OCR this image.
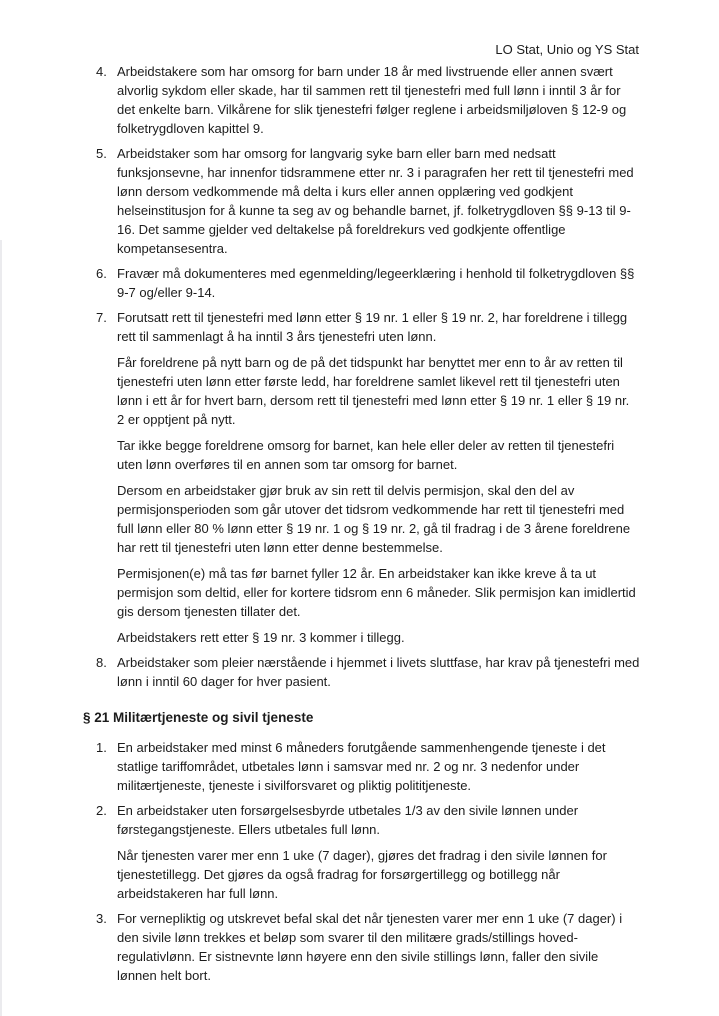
LO Stat, Unio og YS Stat
4. Arbeidstakere som har omsorg for barn under 18 år med livstruende eller annen svært alvorlig sykdom eller skade, har til sammen rett til tjenestefri med full lønn i inntil 3 år for det enkelte barn. Vilkårene for slik tjenestefri følger reglene i arbeidsmiljøloven § 12-9 og folketrygdloven kapittel 9.

5. Arbeidstaker som har omsorg for langvarig syke barn eller barn med nedsatt funksjonsevne, har innenfor tidsrammene etter nr. 3 i paragrafen her rett til tjenestefri med lønn dersom vedkommende må delta i kurs eller annen opplæring ved godkjent helseinstitusjon for å kunne ta seg av og behandle barnet, jf. folketrygdloven §§ 9-13 til 9-16. Det samme gjelder ved deltakelse på foreldrekurs ved godkjente offentlige kompetansesentra.

6. Fravær må dokumenteres med egenmelding/legeerklæring i henhold til folketrygdloven §§ 9-7 og/eller 9-14.

7. Forutsatt rett til tjenestefri med lønn etter § 19 nr. 1 eller § 19 nr. 2, har foreldrene i tillegg rett til sammenlagt å ha inntil 3 års tjenestefri uten lønn.

Får foreldrene på nytt barn og de på det tidspunkt har benyttet mer enn to år av retten til tjenestefri uten lønn etter første ledd, har foreldrene samlet likevel rett til tjenestefri uten lønn i ett år for hvert barn, dersom rett til tjenestefri med lønn etter § 19 nr. 1 eller § 19 nr. 2 er opptjent på nytt.

Tar ikke begge foreldrene omsorg for barnet, kan hele eller deler av retten til tjenestefri uten lønn overføres til en annen som tar omsorg for barnet.

Dersom en arbeidstaker gjør bruk av sin rett til delvis permisjon, skal den del av permisjonsperioden som går utover det tidsrom vedkommende har rett til tjenestefri med full lønn eller 80 % lønn etter § 19 nr. 1 og § 19 nr. 2, gå til fradrag i de 3 årene foreldrene har rett til tjenestefri uten lønn etter denne bestemmelse.

Permisjonen(e) må tas før barnet fyller 12 år. En arbeidstaker kan ikke kreve å ta ut permisjon som deltid, eller for kortere tidsrom enn 6 måneder. Slik permisjon kan imidlertid gis dersom tjenesten tillater det.

Arbeidstakers rett etter § 19 nr. 3 kommer i tillegg.

8. Arbeidstaker som pleier nærstående i hjemmet i livets sluttfase, har krav på tjenestefri med lønn i inntil 60 dager for hver pasient.

§ 21 Militærtjeneste og sivil tjeneste
1. En arbeidstaker med minst 6 måneders forutgående sammenhengende tjeneste i det statlige tariffområdet, utbetales lønn i samsvar med nr. 2 og nr. 3 nedenfor under militærtjeneste, tjeneste i sivilforsvaret og pliktig polititjeneste.

2. En arbeidstaker uten forsørgelsesbyrde utbetales 1/3 av den sivile lønnen under førstegangstjeneste. Ellers utbetales full lønn.

Når tjenesten varer mer enn 1 uke (7 dager), gjøres det fradrag i den sivile lønnen for tjenestetillegg. Det gjøres da også fradrag for forsørgertillegg og botillegg når arbeidstakeren har full lønn.

3. For vernepliktig og utskrevet befal skal det når tjenesten varer mer enn 1 uke (7 dager) i den sivile lønn trekkes et beløp som svarer til den militære grads/stillings hoved-regulativlønn. Er sistnevnte lønn høyere enn den sivile stillings lønn, faller den sivile lønnen helt bort.
